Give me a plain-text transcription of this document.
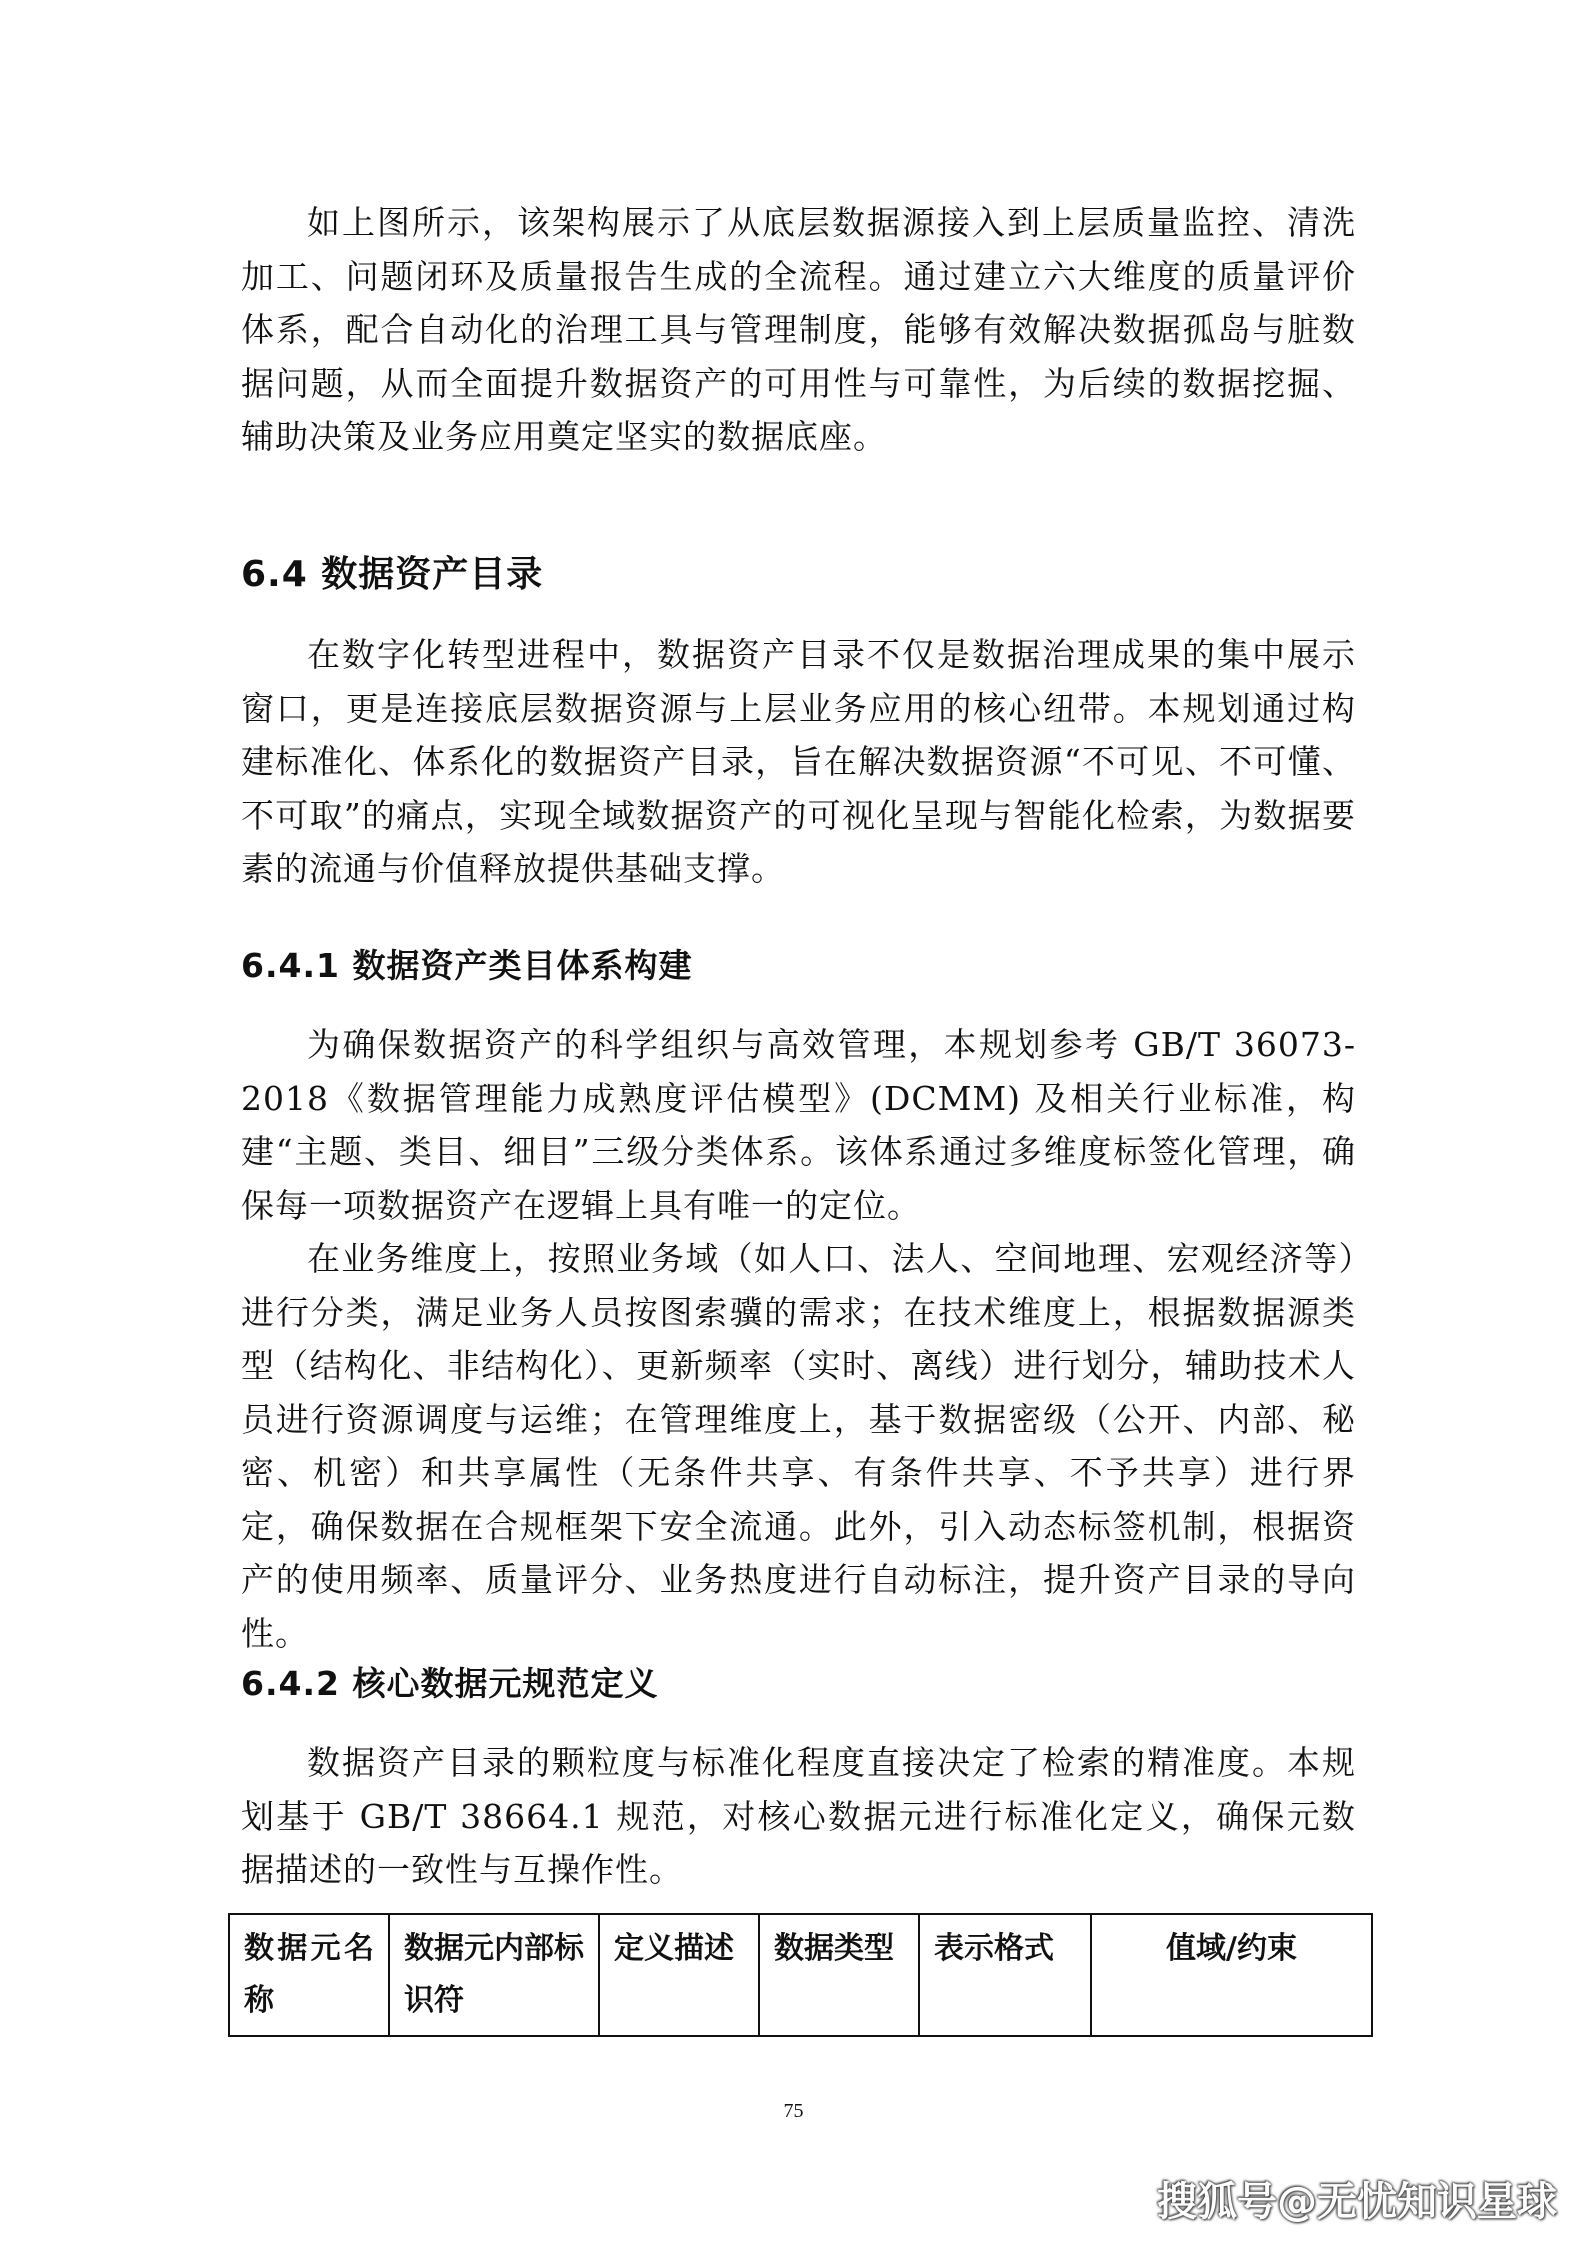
如上图所示，该架构展示了从底层数据源接入到上层质量监控、清洗加工、问题闭环及质量报告生成的全流程。通过建立六大维度的质量评价体系，配合自动化的治理工具与管理制度，能够有效解决数据孤岛与脏数据问题，从而全面提升数据资产的可用性与可靠性，为后续的数据挖掘、辅助决策及业务应用奠定坚实的数据底座。

6.4 数据资产目录

在数字化转型进程中，数据资产目录不仅是数据治理成果的集中展示窗口，更是连接底层数据资源与上层业务应用的核心纽带。本规划通过构建标准化、体系化的数据资产目录，旨在解决数据资源“不可见、不可懂、不可取”的痛点，实现全域数据资产的可视化呈现与智能化检索，为数据要素的流通与价值释放提供基础支撑。

6.4.1 数据资产类目体系构建

为确保数据资产的科学组织与高效管理，本规划参考 GB/T 36073-2018《数据管理能力成熟度评估模型》(DCMM) 及相关行业标准，构建“主题、类目、细目”三级分类体系。该体系通过多维度标签化管理，确保每一项数据资产在逻辑上具有唯一的定位。

在业务维度上，按照业务域（如人口、法人、空间地理、宏观经济等）进行分类，满足业务人员按图索骥的需求；在技术维度上，根据数据源类型（结构化、非结构化）、更新频率（实时、离线）进行划分，辅助技术人员进行资源调度与运维；在管理维度上，基于数据密级（公开、内部、秘密、机密）和共享属性（无条件共享、有条件共享、不予共享）进行界定，确保数据在合规框架下安全流通。此外，引入动态标签机制，根据资产的使用频率、质量评分、业务热度进行自动标注，提升资产目录的导向性。

6.4.2 核心数据元规范定义

数据资产目录的颗粒度与标准化程度直接决定了检索的精准度。本规划基于 GB/T 38664.1 规范，对核心数据元进行标准化定义，确保元数据描述的一致性与互操作性。

数据元名称	数据元内部标识符	定义描述	数据类型	表示格式	值域/约束
75
搜狐号@无忧知识星球
